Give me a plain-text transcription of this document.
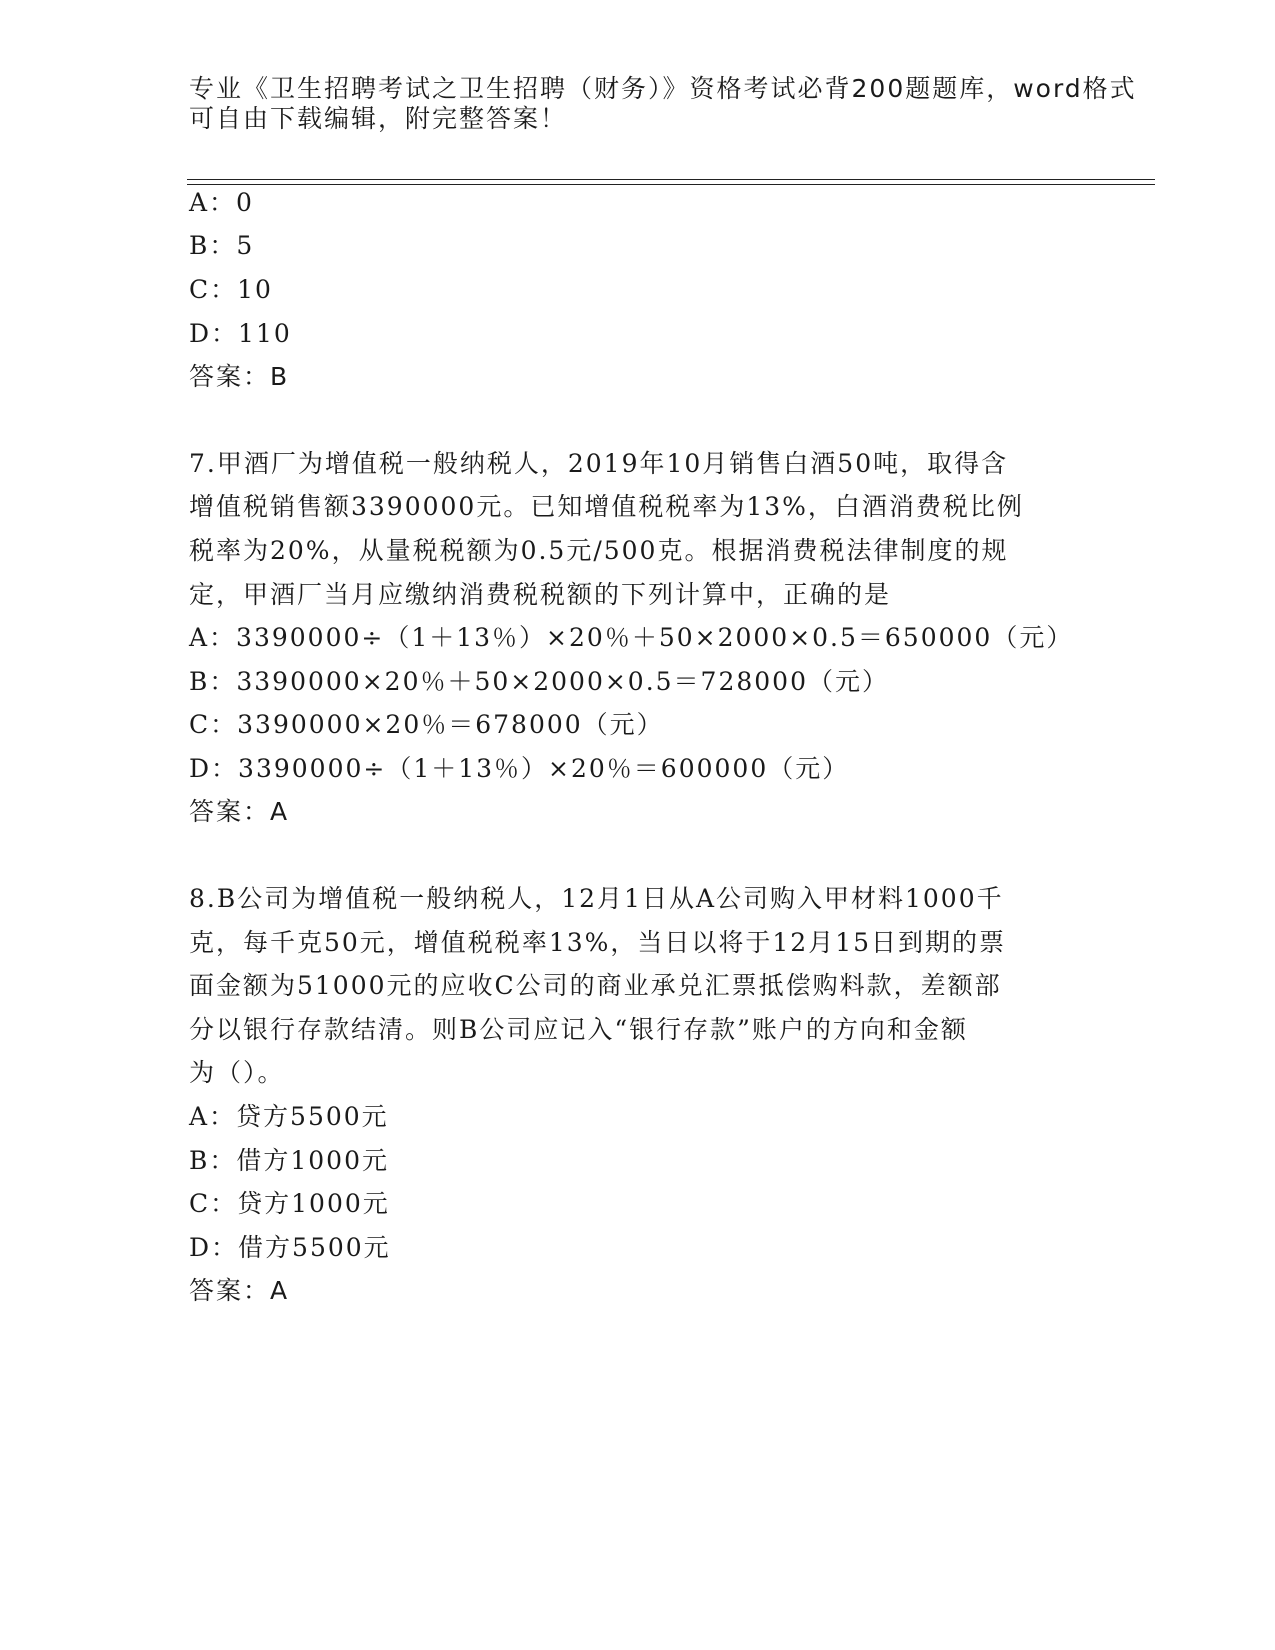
专业《卫生招聘考试之卫生招聘（财务）》资格考试必背200题题库，word格式
可自由下载编辑，附完整答案！
A：0
B：5
C：10
D：110
答案：B
7.甲酒厂为增值税一般纳税人，2019年10月销售白酒50吨，取得含
增值税销售额3390000元。已知增值税税率为13%，白酒消费税比例
税率为20%，从量税税额为0.5元/500克。根据消费税法律制度的规
定，甲酒厂当月应缴纳消费税税额的下列计算中，正确的是
A：3390000÷（1＋13％）×20％＋50×2000×0.5＝650000（元）
B：3390000×20％＋50×2000×0.5＝728000（元）
C：3390000×20％＝678000（元）
D：3390000÷（1＋13％）×20％＝600000（元）
答案：A
8.B公司为增值税一般纳税人，12月1日从A公司购入甲材料1000千
克，每千克50元，增值税税率13%，当日以将于12月15日到期的票
面金额为51000元的应收C公司的商业承兑汇票抵偿购料款，差额部
分以银行存款结清。则B公司应记入“银行存款”账户的方向和金额
为（）。
A：贷方5500元
B：借方1000元
C：贷方1000元
D：借方5500元
答案：A
